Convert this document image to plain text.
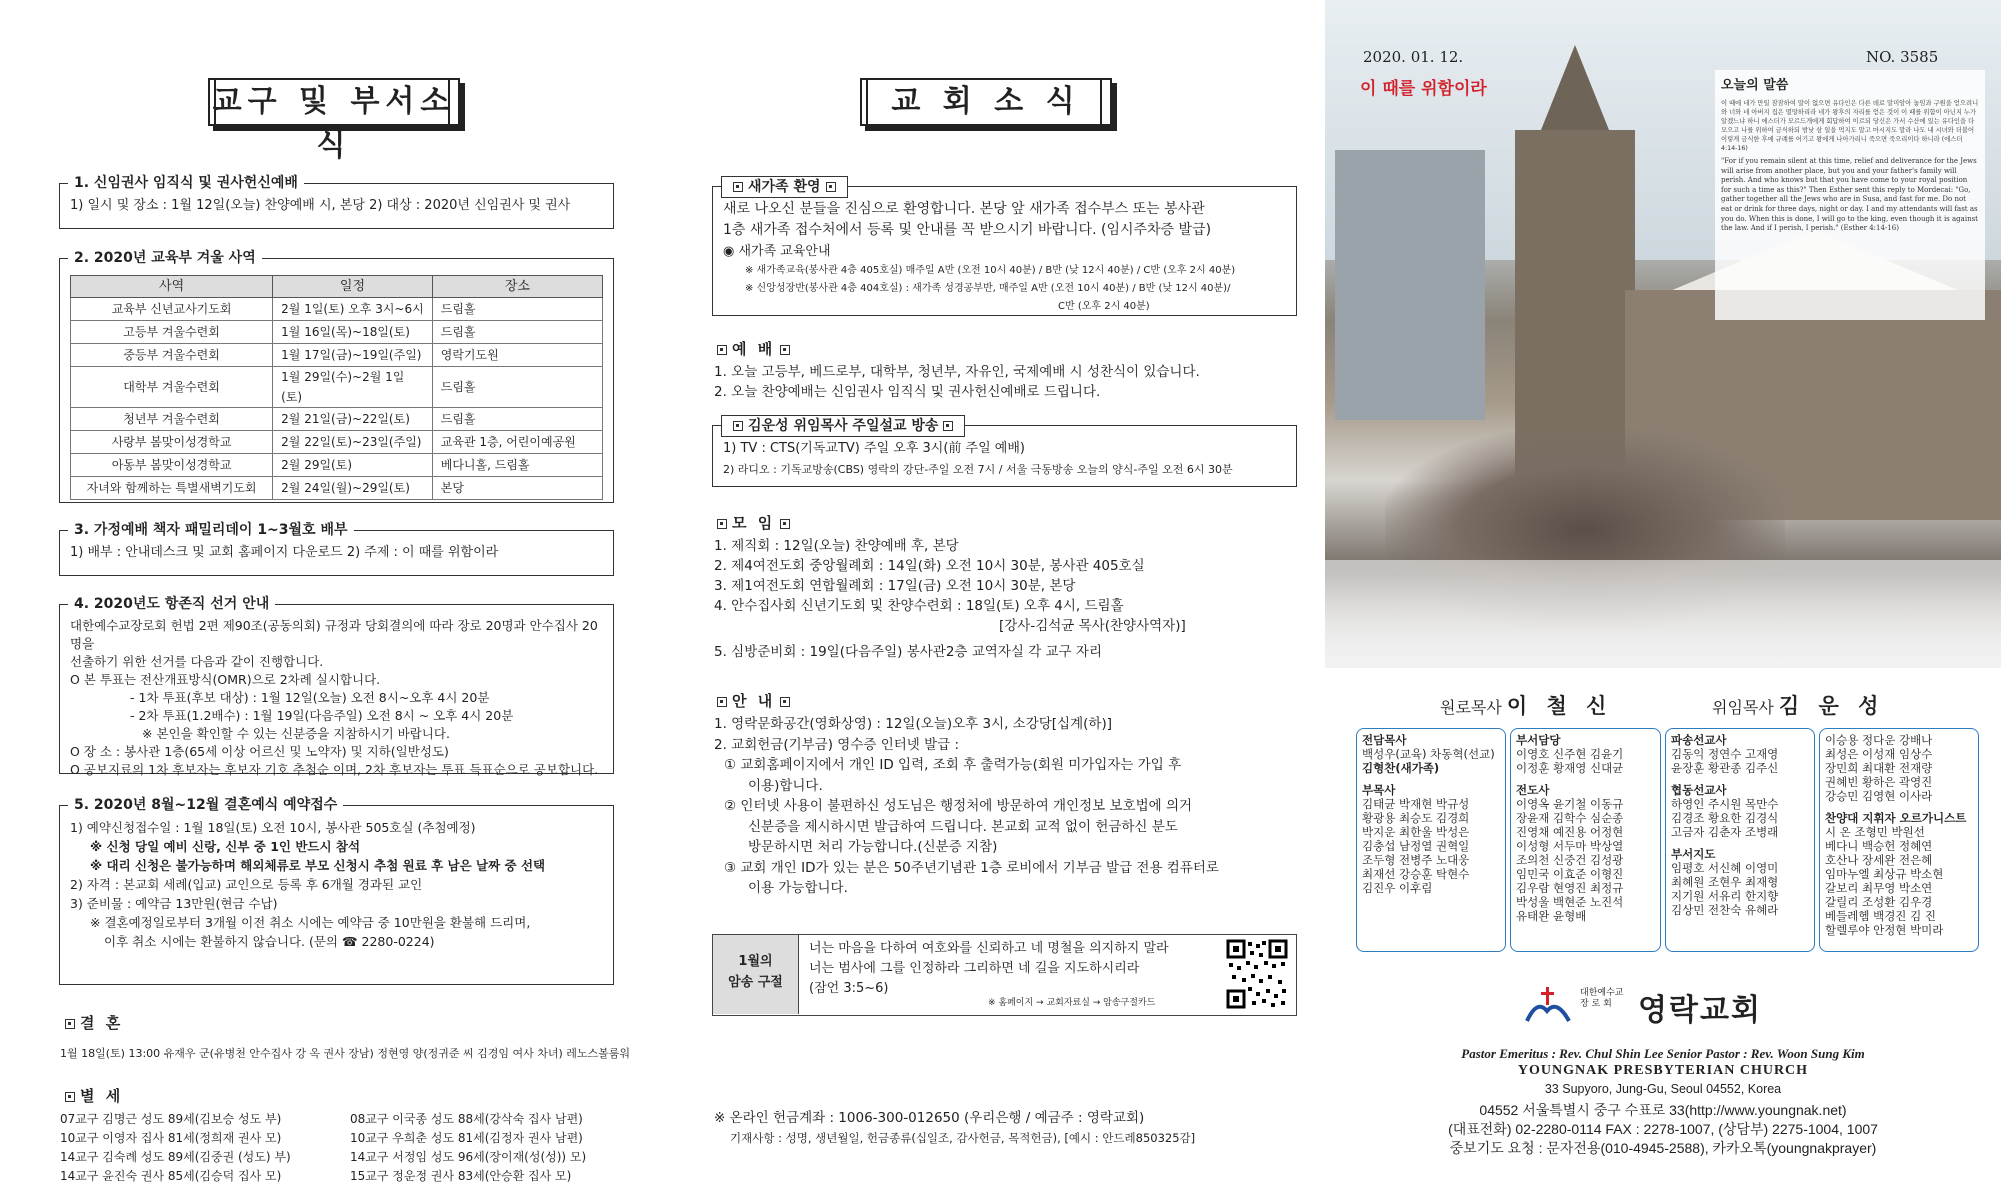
교구 및 부서소식
1. 신임권사 임직식 및 권사헌신예배
1) 일시 및 장소 : 1월 12일(오늘) 찬양예배 시, 본당 2) 대상 : 2020년 신임권사 및 권사
2. 2020년 교육부 겨울 사역
사역	일정	장소
교육부 신년교사기도회	2월 1일(토) 오후 3시~6시	드림홀
고등부 겨울수련회	1월 16일(목)~18일(토)	드림홀
중등부 겨울수련회	1월 17일(금)~19일(주일)	영락기도원
대학부 겨울수련회	1월 29일(수)~2월 1일(토)	드림홀
청년부 겨울수련회	2월 21일(금)~22일(토)	드림홀
사랑부 봄맞이성경학교	2월 22일(토)~23일(주일)	교육관 1층, 어린이예공원
아동부 봄맞이성경학교	2월 29일(토)	베다니홀, 드림홀
자녀와 함께하는 특별새벽기도회	2월 24일(월)~29일(토)	본당
3. 가정예배 책자 패밀리데이 1~3월호 배부
1) 배부 : 안내데스크 및 교회 홈페이지 다운로드 2) 주제 : 이 때를 위함이라
4. 2020년도 항존직 선거 안내
대한예수교장로회 헌법 2편 제90조(공동의회) 규정과 당회결의에 따라 장로 20명과 안수집사 20명을
선출하기 위한 선거를 다음과 같이 진행합니다.
O 본 투표는 전산개표방식(OMR)으로 2차례 실시합니다.
- 1차 투표(후보 대상) : 1월 12일(오늘) 오전 8시~오후 4시 20분
- 2차 투표(1.2배수) : 1월 19일(다음주일) 오전 8시 ~ 오후 4시 20분
※ 본인을 확인할 수 있는 신분증을 지참하시기 바랍니다.
O 장 소 : 봉사관 1층(65세 이상 어르신 및 노약자) 및 지하(일반성도)
O 공보지료의 1차 후보자는 후보자 기호 추첨순 이며, 2차 후보자는 투표 득표순으로 공보합니다.
5. 2020년 8월~12월 결혼예식 예약접수
1) 예약신청접수일 : 1월 18일(토) 오전 10시, 봉사관 505호실 (추첨예정)
※ 신청 당일 예비 신랑, 신부 중 1인 반드시 참석
※ 대리 신청은 불가능하며 해외체류로 부모 신청시 추첨 원료 후 남은 날짜 중 선택
2) 자격 : 본교회 세례(입교) 교인으로 등록 후 6개월 경과된 교인
3) 준비물 : 예약금 13만원(현금 수납)
※ 결혼예정일로부터 3개월 이전 취소 시에는 예약금 중 10만원을 환불해 드리며,
이후 취소 시에는 환불하지 않습니다. (문의 ☎ 2280-0224)
결 혼
1월 18일(토) 13:00 유재우 군(유병천 안수집사 강 옥 권사 장남) 정현영 양(정귀준 씨 김경임 여사 차녀) 레노스볼룸워
별 세
07교구 김명근 성도 89세(김보승 성도 부)	08교구 이국종 성도 88세(강삭숙 집사 남편)
10교구 이영자 집사 81세(정희재 권사 모)	10교구 우희춘 성도 81세(김정자 권사 남편)
14교구 김숙례 성도 89세(김중권 (성도) 부)	14교구 서정임 성도 96세(장이재(성(성)) 모)
14교구 윤진숙 권사 85세(김승덕 집사 모)	15교구 정운정 권사 83세(안승환 집사 모)
교 회 소 식
새가족 환영
새로 나오신 분들을 진심으로 환영합니다. 본당 앞 새가족 접수부스 또는 봉사관
1층 새가족 접수처에서 등록 및 안내를 꼭 받으시기 바랍니다. (임시주차증 발급)
◉ 새가족 교육안내
※ 새가족교육(봉사관 4층 405호실) 매주일 A반 (오전 10시 40분) / B반 (낮 12시 40분) / C반 (오후 2시 40분)
※ 신앙성장반(봉사관 4층 404호실) : 새가족 성경공부반, 매주일 A반 (오전 10시 40분) / B반 (낮 12시 40분)/
C반 (오후 2시 40분)
예 배
1. 오늘 고등부, 베드로부, 대학부, 청년부, 자유인, 국제예배 시 성찬식이 있습니다.
2. 오늘 찬양예배는 신임권사 임직식 및 권사헌신예배로 드립니다.
김운성 위임목사 주일설교 방송
1) TV : CTS(기독교TV) 주일 오후 3시(前 주일 예배)
2) 라디오 : 기독교방송(CBS) 영락의 강단-주일 오전 7시 / 서울 극동방송 오늘의 양식-주일 오전 6시 30분
모 임
1. 제직회 : 12일(오늘) 찬양예배 후, 본당
2. 제4여전도회 중앙월례회 : 14일(화) 오전 10시 30분, 봉사관 405호실
3. 제1여전도회 연합월례회 : 17일(금) 오전 10시 30분, 본당
4. 안수집사회 신년기도회 및 찬양수련회 : 18일(토) 오후 4시, 드림홀
[강사-김석균 목사(찬양사역자)]
5. 심방준비회 : 19일(다음주일) 봉사관2층 교역자실 각 교구 자리
안 내
1. 영락문화공간(영화상영) : 12일(오늘)오후 3시, 소강당[십계(하)]
2. 교회헌금(기부금) 영수증 인터넷 발급 :
① 교회홈페이지에서 개인 ID 입력, 조회 후 출력가능(회원 미가입자는 가입 후
이용)합니다.
② 인터넷 사용이 불편하신 성도님은 행정처에 방문하여 개인정보 보호법에 의거
신분증을 제시하시면 발급하여 드립니다. 본교회 교적 없이 헌금하신 분도
방문하시면 처리 가능합니다.(신분증 지참)
③ 교회 개인 ID가 있는 분은 50주년기념관 1층 로비에서 기부금 발급 전용 컴퓨터로
이용 가능합니다.
1월의
암송 구절
너는 마음을 다하여 여호와를 신뢰하고 네 명철을 의지하지 말라
너는 범사에 그를 인정하라 그리하면 네 길을 지도하시리라
(잠언 3:5~6)
※ 홈페이지 → 교회자료실 → 암송구절카드
※ 온라인 헌금계좌 : 1006-300-012650 (우리은행 / 예금주 : 영락교회)
기재사항 : 성명, 생년월일, 헌금종류(십일조, 감사헌금, 목적헌금), [예시 : 안드레850325감]
2020. 01. 12.	NO. 3585
이 때를 위함이라	오늘의 말씀
이 때에 네가 만일 잠잠하여 말이 없으면 유다인은 다른 데로 말미암아 놓임과 구원을 얻으려니와 너와 네 아버지 집은 멸망하리라 네가 왕후의 자리를 얻은 것이 이 때를 위함이 아닌지 누가 알겠느냐 하니 에스더가 모르드개에게 회답하여 이르되 당신은 가서 수산에 있는 유다인을 다 모으고 나를 위하여 금식하되 밤낮 삼 일을 먹지도 말고 마시지도 말라 나도 내 시녀와 더불어 이렇게 금식한 후에 규례를 어기고 왕에게 나아가리니 죽으면 죽으리이다 하니라 (에스더 4:14-16)
"For if you remain silent at this time, relief and deliverance for the Jews will arise from another place, but you and your father's family will perish. And who knows but that you have come to your royal position for such a time as this?" Then Esther sent this reply to Mordecai: "Go, gather together all the Jews who are in Susa, and fast for me. Do not eat or drink for three days, night or day. I and my attendants will fast as you do. When this is done, I will go to the king, even though it is against the law. And if I perish, I perish." (Esther 4:14-16)
원로목사 이 철 신	위임목사 김 운 성
전담목사
백성우(교육) 차동혁(선교)
김형찬(새가족)
부목사
김태균 박재현 박규성
황광용 최승도 김경희
박지운 최한울 박성은
김충섭 남정열 권혁일
조두형 전병주 노대웅
최재선 강승훈 탁현수
김진우 이후림
부서담당
이영호 신주현 김윤기
이정훈 황재영 신대균
전도사
이영옥 윤기철 이동규
장윤재 김학수 심순종
진영채 예진용 어정현
이성형 서두마 박상열
조의천 신중건 김성광
임민국 이효준 이형진
김우람 현영진 최정규
박성울 백현준 노진석
유태완 윤형배
파송선교사
김동익 정연수 고재영
윤장훈 황관종 김주신
협동선교사
하영인 주시원 목만수
김경조 황요한 김경식
고금자 김춘자 조병래
부서지도
임평호 서신혜 이영미
최혜원 조현우 최재형
지기원 서유리 한지향
김상민 전찬숙 유혜라
이승용 정다운 강배나
최성은 이성재 임상수
장민희 최대환 전재량
권혜빈 황하은 곽영진
강승민 김영현 이사라
찬양대 지휘자 오르가니스트
시 온 조형민 박원선
베다니 백승헌 정혜연
호산나 장세완 전은혜
임마누엘 최상규 박소현
갈보리 최무영 박소연
갈릴리 조성환 김우경
베들레헴 백경진 김 진
할렐루야 안정현 박미라
대한예수교
장 로 회 영락교회
Pastor Emeritus : Rev. Chul Shin Lee Senior Pastor : Rev. Woon Sung Kim
YOUNGNAK PRESBYTERIAN CHURCH
33 Supyoro, Jung-Gu, Seoul 04552, Korea
04552 서울특별시 중구 수표로 33(http://www.youngnak.net)
(대표전화) 02-2280-0114 FAX : 2278-1007, (상담부) 2275-1004, 1007
중보기도 요청 : 문자전용(010-4945-2588), 카카오톡(youngnakprayer)
